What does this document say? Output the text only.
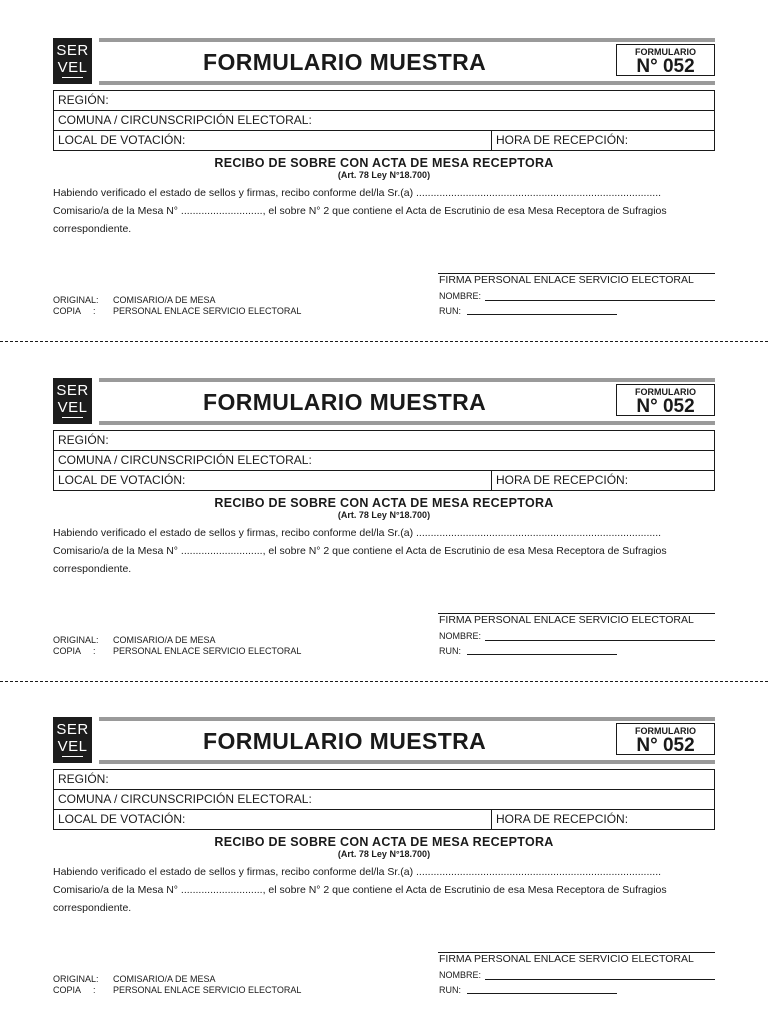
SER
VEL	FORMULARIO MUESTRA	FORMULARIO
N° 052
REGIÓN:
COMUNA / CIRCUNSCRIPCIÓN ELECTORAL:
LOCAL DE VOTACIÓN:	HORA DE RECEPCIÓN:
RECIBO DE SOBRE CON ACTA DE MESA RECEPTORA
(Art. 78 Ley N°18.700)
Habiendo verificado el estado de sellos y firmas, recibo conforme del/la Sr.(a) ....................................................................................
Comisario/a de la Mesa N° ............................, el sobre N° 2 que contiene el Acta de Escrutinio de esa Mesa Receptora de Sufragios
correspondiente.
FIRMA PERSONAL ENLACE SERVICIO ELECTORAL
NOMBRE:
RUN:
ORIGINAL: COMISARIO/A DE MESA
COPIA     : PERSONAL ENLACE SERVICIO ELECTORAL
SER
VEL	FORMULARIO MUESTRA	FORMULARIO
N° 052
REGIÓN:
COMUNA / CIRCUNSCRIPCIÓN ELECTORAL:
LOCAL DE VOTACIÓN:	HORA DE RECEPCIÓN:
RECIBO DE SOBRE CON ACTA DE MESA RECEPTORA
(Art. 78 Ley N°18.700)
Habiendo verificado el estado de sellos y firmas, recibo conforme del/la Sr.(a) ....................................................................................
Comisario/a de la Mesa N° ............................, el sobre N° 2 que contiene el Acta de Escrutinio de esa Mesa Receptora de Sufragios
correspondiente.
FIRMA PERSONAL ENLACE SERVICIO ELECTORAL
NOMBRE:
RUN:
ORIGINAL: COMISARIO/A DE MESA
COPIA     : PERSONAL ENLACE SERVICIO ELECTORAL
SER
VEL	FORMULARIO MUESTRA	FORMULARIO
N° 052
REGIÓN:
COMUNA / CIRCUNSCRIPCIÓN ELECTORAL:
LOCAL DE VOTACIÓN:	HORA DE RECEPCIÓN:
RECIBO DE SOBRE CON ACTA DE MESA RECEPTORA
(Art. 78 Ley N°18.700)
Habiendo verificado el estado de sellos y firmas, recibo conforme del/la Sr.(a) ....................................................................................
Comisario/a de la Mesa N° ............................, el sobre N° 2 que contiene el Acta de Escrutinio de esa Mesa Receptora de Sufragios
correspondiente.
FIRMA PERSONAL ENLACE SERVICIO ELECTORAL
NOMBRE:
RUN:
ORIGINAL: COMISARIO/A DE MESA
COPIA     : PERSONAL ENLACE SERVICIO ELECTORAL
